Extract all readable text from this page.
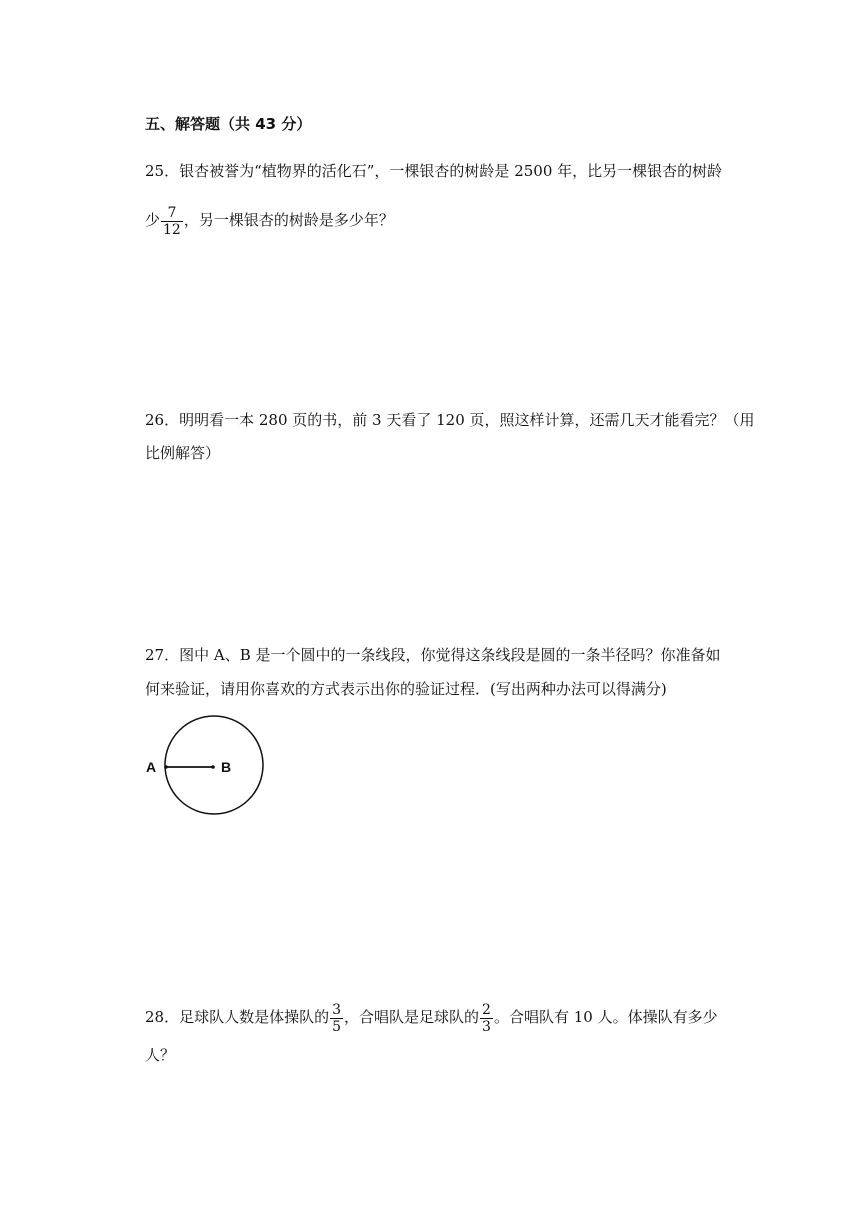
五、解答题（共 43 分）
25．银杏被誉为“植物界的活化石”，一棵银杏的树龄是 2500 年，比另一棵银杏的树龄
少 $\frac{7}{12}$ ，另一棵银杏的树龄是多少年？
26．明明看一本 280 页的书，前 3 天看了 120 页，照这样计算，还需几天才能看完？（用
比例解答）
27．图中 A、B 是一个圆中的一条线段，你觉得这条线段是圆的一条半径吗？你准备如
何来验证，请用你喜欢的方式表示出你的验证过程．(写出两种办法可以得满分)
A	B
28．足球队人数是体操队的 $\frac{3}{5}$ ，合唱队是足球队的 $\frac{2}{3}$ 。合唱队有 10 人。体操队有多少
人？
